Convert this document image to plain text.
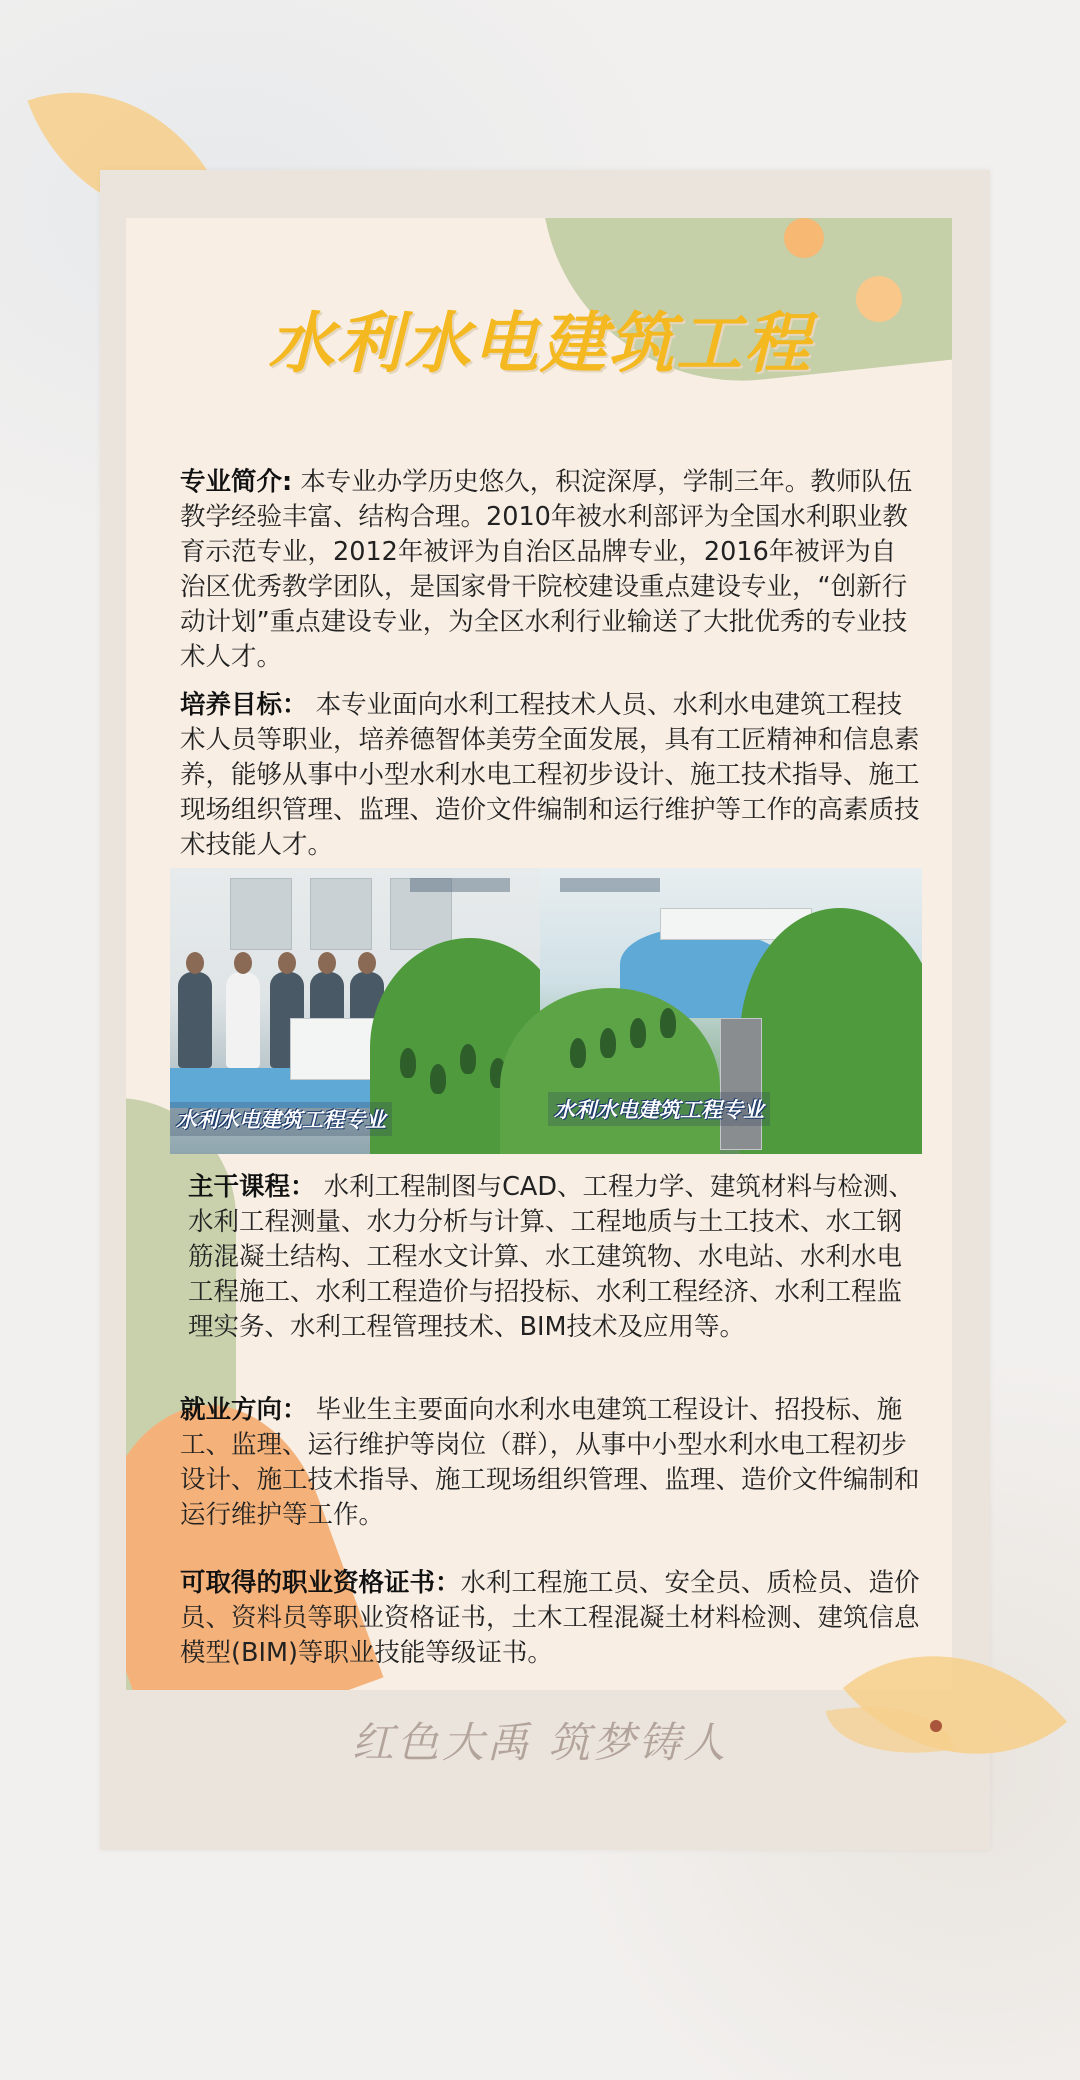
水利水电建筑工程
专业简介: 本专业办学历史悠久，积淀深厚，学制三年。教师队伍教学经验丰富、结构合理。2010年被水利部评为全国水利职业教育示范专业，2012年被评为自治区品牌专业，2016年被评为自治区优秀教学团队，是国家骨干院校建设重点建设专业，“创新行动计划”重点建设专业，为全区水利行业输送了大批优秀的专业技术人才。
培养目标： 本专业面向水利工程技术人员、水利水电建筑工程技术人员等职业，培养德智体美劳全面发展，具有工匠精神和信息素养，能够从事中小型水利水电工程初步设计、施工技术指导、施工现场组织管理、监理、造价文件编制和运行维护等工作的高素质技术技能人才。
水利水电建筑工程专业	水利水电建筑工程专业
主干课程： 水利工程制图与CAD、工程力学、建筑材料与检测、水利工程测量、水力分析与计算、工程地质与土工技术、水工钢筋混凝土结构、工程水文计算、水工建筑物、水电站、水利水电工程施工、水利工程造价与招投标、水利工程经济、水利工程监理实务、水利工程管理技术、BIM技术及应用等。
就业方向： 毕业生主要面向水利水电建筑工程设计、招投标、施工、监理、运行维护等岗位（群），从事中小型水利水电工程初步设计、施工技术指导、施工现场组织管理、监理、造价文件编制和运行维护等工作。
可取得的职业资格证书：水利工程施工员、安全员、质检员、造价员、资料员等职业资格证书，土木工程混凝土材料检测、建筑信息模型(BIM)等职业技能等级证书。
红色大禹 筑梦铸人
